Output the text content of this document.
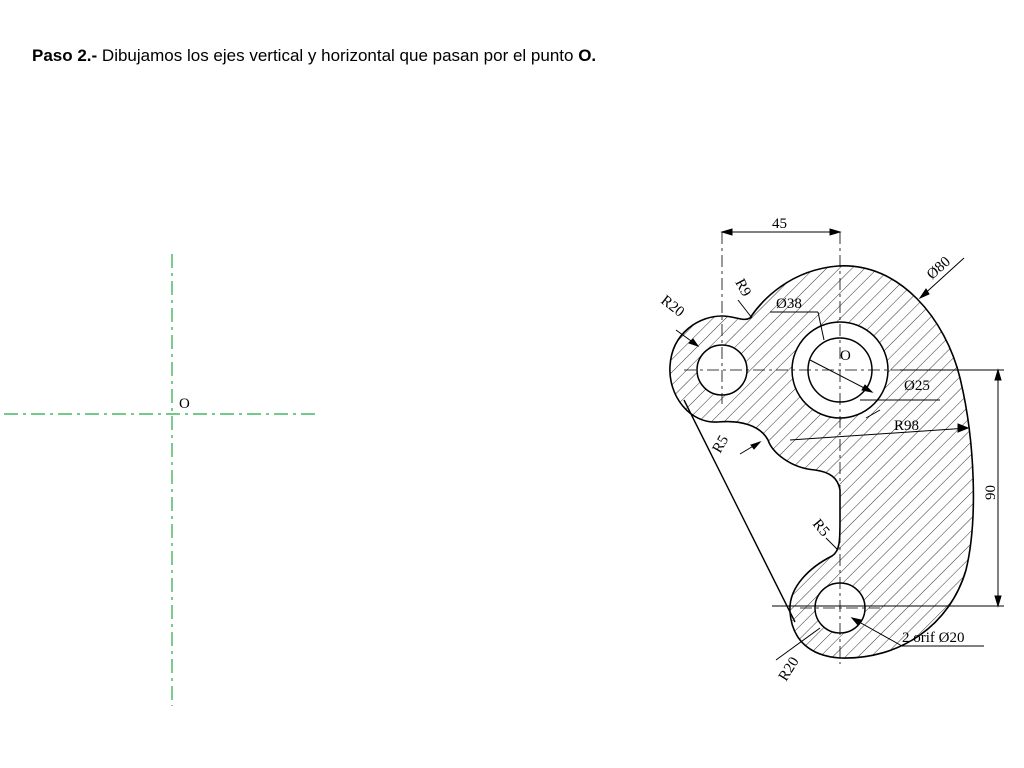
Paso 2.- Dibujamos los ejes vertical y horizontal que pasan por el punto O.
O
45
90
Ø80
R9
R20	Ø38
O
Ø25
R98
R5
R5
R20
2 orif Ø20
